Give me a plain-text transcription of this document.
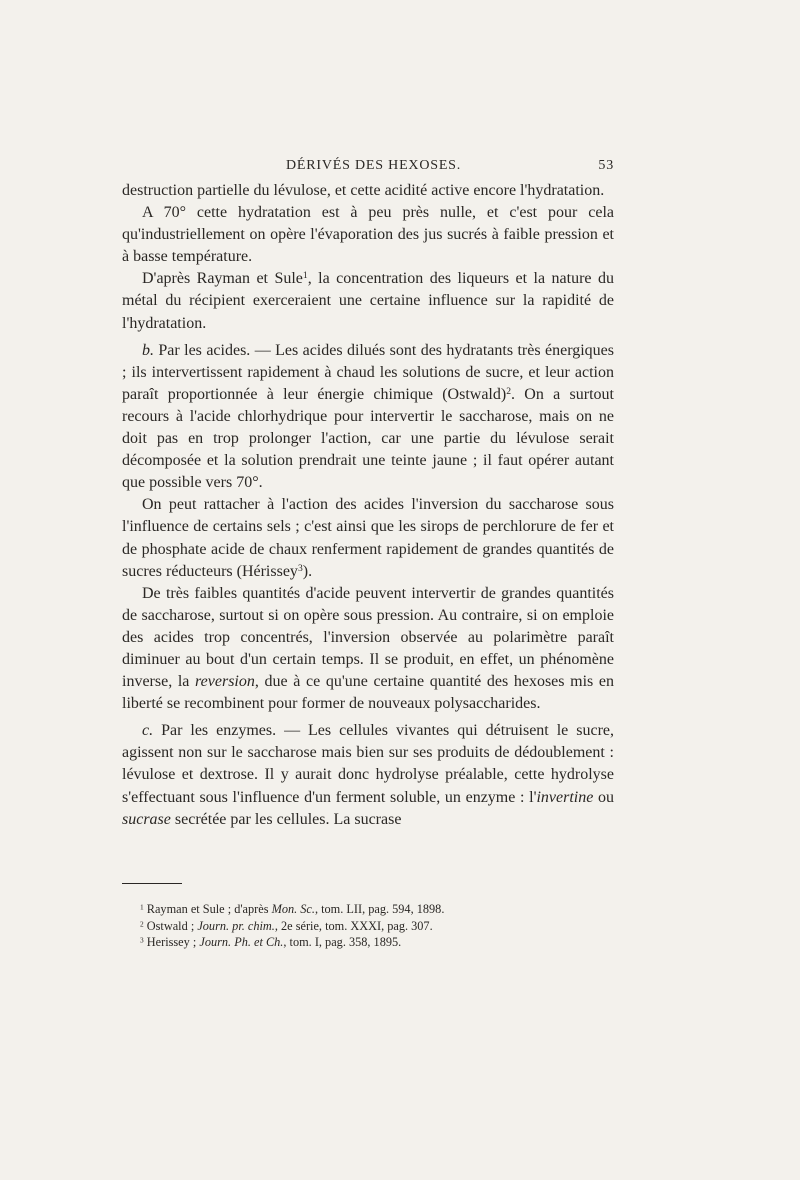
DÉRIVÉS DES HEXOSES.	53

destruction partielle du lévulose, et cette acidité active encore l'hydratation.

A 70° cette hydratation est à peu près nulle, et c'est pour cela qu'industriellement on opère l'évaporation des jus sucrés à faible pression et à basse température.

D'après Rayman et Sule$^1$, la concentration des liqueurs et la nature du métal du récipient exerceraient une certaine influence sur la rapidité de l'hydratation.

b. Par les acides. — Les acides dilués sont des hydratants très énergiques ; ils intervertissent rapidement à chaud les solutions de sucre, et leur action paraît proportionnée à leur énergie chimique (Ostwald)$^2$. On a surtout recours à l'acide chlorhydrique pour intervertir le saccharose, mais on ne doit pas en trop prolonger l'action, car une partie du lévulose serait décomposée et la solution prendrait une teinte jaune ; il faut opérer autant que possible vers 70°.

On peut rattacher à l'action des acides l'inversion du saccharose sous l'influence de certains sels ; c'est ainsi que les sirops de perchlorure de fer et de phosphate acide de chaux renferment rapidement de grandes quantités de sucres réducteurs (Hérissey$^3$).

De très faibles quantités d'acide peuvent intervertir de grandes quantités de saccharose, surtout si on opère sous pression. Au contraire, si on emploie des acides trop concentrés, l'inversion observée au polarimètre paraît diminuer au bout d'un certain temps. Il se produit, en effet, un phénomène inverse, la reversion, due à ce qu'une certaine quantité des hexoses mis en liberté se recombinent pour former de nouveaux polysaccharides.

c. Par les enzymes. — Les cellules vivantes qui détruisent le sucre, agissent non sur le saccharose mais bien sur ses produits de dédoublement : lévulose et dextrose. Il y aurait donc hydrolyse préalable, cette hydrolyse s'effectuant sous l'influence d'un ferment soluble, un enzyme : l'invertine ou sucrase secrétée par les cellules. La sucrase

$^1$ Rayman et Sule ; d'après Mon. Sc., tom. LII, pag. 594, 1898.
$^2$ Ostwald ; Journ. pr. chim., 2e série, tom. XXXI, pag. 307.
$^3$ Herissey ; Journ. Ph. et Ch., tom. I, pag. 358, 1895.
